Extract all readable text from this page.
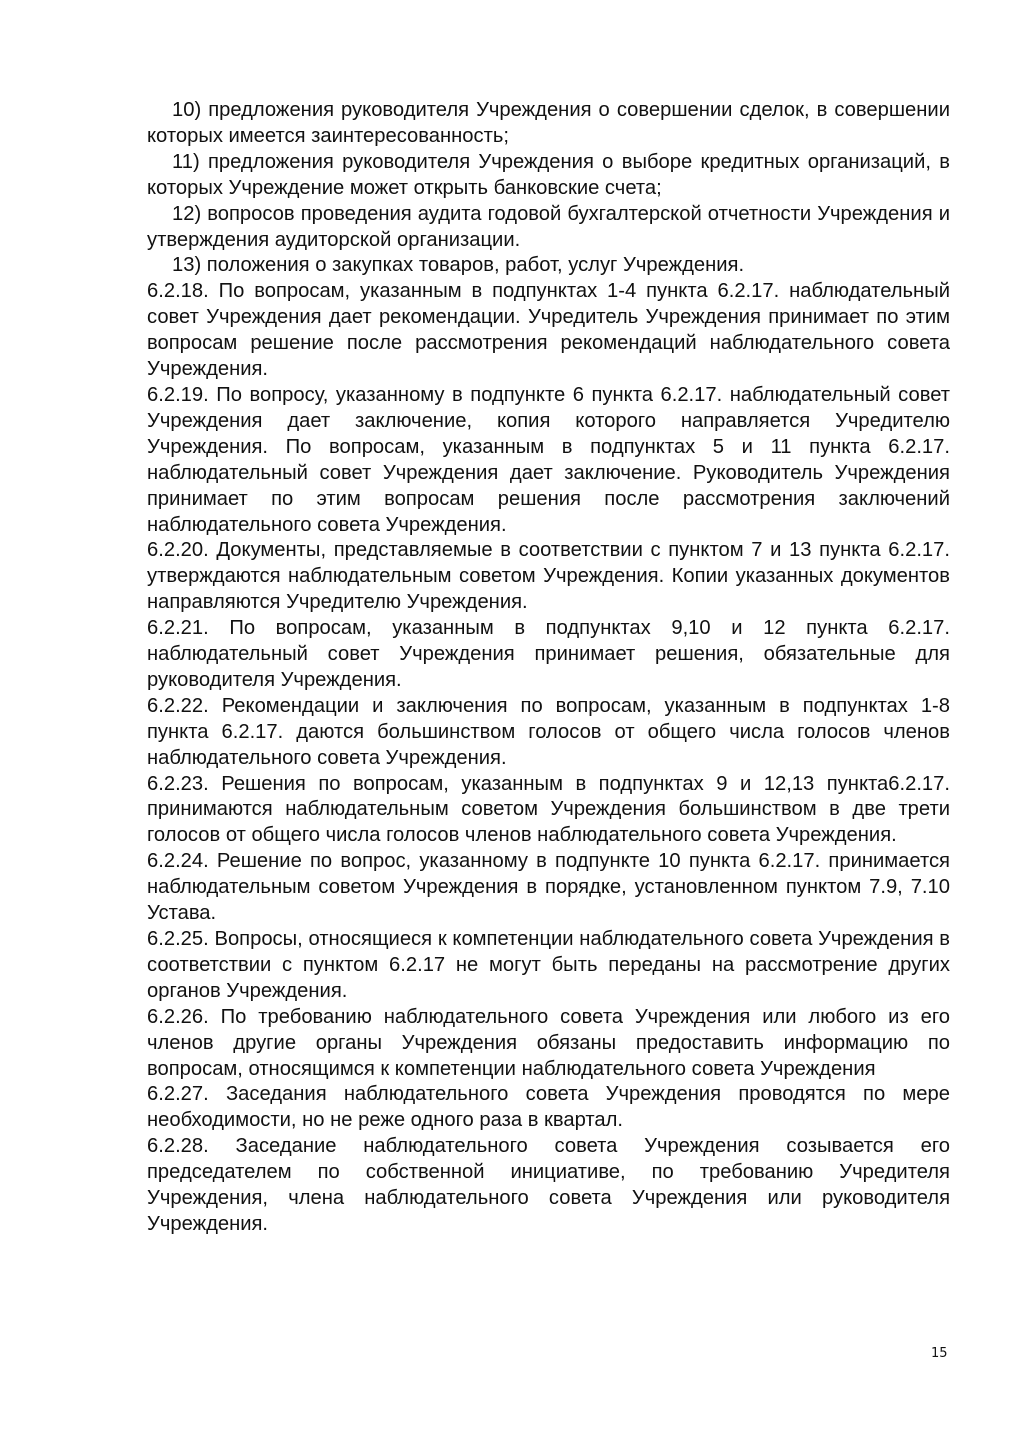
10) предложения руководителя Учреждения о совершении сделок, в совершении которых имеется заинтересованность;

11) предложения руководителя Учреждения о выборе кредитных организаций, в которых Учреждение может открыть банковские счета;

12) вопросов проведения аудита годовой бухгалтерской отчетности Учреждения и утверждения аудиторской организации.

13) положения о закупках товаров, работ, услуг Учреждения.

6.2.18. По вопросам, указанным в подпунктах 1-4 пункта 6.2.17. наблюдательный совет Учреждения дает рекомендации. Учредитель Учреждения принимает по этим вопросам решение после рассмотрения рекомендаций наблюдательного совета Учреждения.

6.2.19. По вопросу, указанному в подпункте 6 пункта 6.2.17. наблюдательный совет Учреждения дает заключение, копия которого направляется Учредителю Учреждения. По вопросам, указанным в подпунктах 5 и 11 пункта 6.2.17. наблюдательный совет Учреждения дает заключение. Руководитель Учреждения принимает по этим вопросам решения после рассмотрения заключений наблюдательного совета Учреждения.

6.2.20. Документы, представляемые в соответствии с пунктом 7 и 13 пункта 6.2.17. утверждаются наблюдательным советом Учреждения. Копии указанных документов направляются Учредителю Учреждения.

6.2.21. По вопросам, указанным в подпунктах 9,10 и 12 пункта 6.2.17. наблюдательный совет Учреждения принимает решения, обязательные для руководителя Учреждения.

6.2.22. Рекомендации и заключения по вопросам, указанным в подпунктах 1-8 пункта 6.2.17. даются большинством голосов от общего числа голосов членов наблюдательного совета Учреждения.

6.2.23. Решения по вопросам, указанным в подпунктах 9 и 12,13 пункта6.2.17. принимаются наблюдательным советом Учреждения большинством в две трети голосов от общего числа голосов членов наблюдательного совета Учреждения.

6.2.24. Решение по вопрос, указанному в подпункте 10 пункта 6.2.17. принимается наблюдательным советом Учреждения в порядке, установленном пунктом 7.9, 7.10 Устава.

6.2.25. Вопросы, относящиеся к компетенции наблюдательного совета Учреждения в соответствии с пунктом 6.2.17 не могут быть переданы на рассмотрение других органов Учреждения.

6.2.26. По требованию наблюдательного совета Учреждения или любого из его членов другие органы Учреждения обязаны предоставить информацию по вопросам, относящимся к компетенции наблюдательного совета Учреждения

6.2.27. Заседания наблюдательного совета Учреждения проводятся по мере необходимости, но не реже одного раза в квартал.

6.2.28. Заседание наблюдательного совета Учреждения созывается его председателем по собственной инициативе, по требованию Учредителя Учреждения, члена наблюдательного совета Учреждения или руководителя Учреждения.

15
